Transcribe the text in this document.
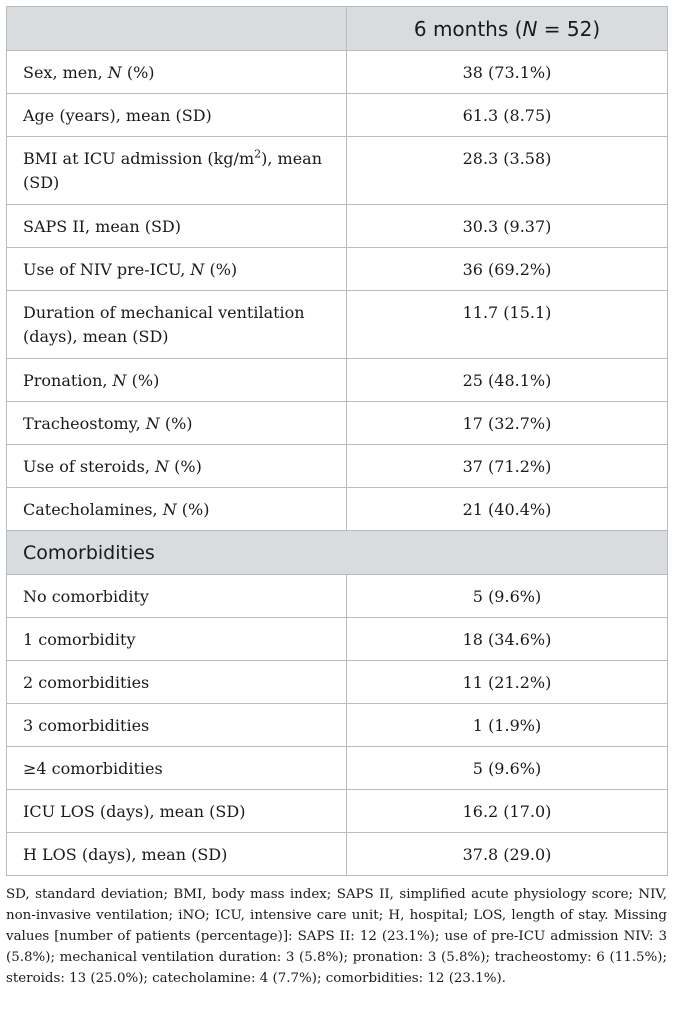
	6 months (N = 52)
Sex, men, N (%)	38 (73.1%)
Age (years), mean (SD)	61.3 (8.75)
BMI at ICU admission $(kg/m^2)$, mean (SD)	28.3 (3.58)
SAPS II, mean (SD)	30.3 (9.37)
Use of NIV pre-ICU, N (%)	36 (69.2%)
Duration of mechanical ventilation (days), mean (SD)	11.7 (15.1)
Pronation, N (%)	25 (48.1%)
Tracheostomy, N (%)	17 (32.7%)
Use of steroids, N (%)	37 (71.2%)
Catecholamines, N (%)	21 (40.4%)
Comorbidities	
No comorbidity	5 (9.6%)
1 comorbidity	18 (34.6%)
2 comorbidities	11 (21.2%)
3 comorbidities	1 (1.9%)
≥4 comorbidities	5 (9.6%)
ICU LOS (days), mean (SD)	16.2 (17.0)
H LOS (days), mean (SD)	37.8 (29.0)

SD, standard deviation; BMI, body mass index; SAPS II, simplified acute physiology score; NIV, non-invasive ventilation; iNO; ICU, intensive care unit; H, hospital; LOS, length of stay. Missing values [number of patients (percentage)]: SAPS II: 12 (23.1%); use of pre-ICU admission NIV: 3 (5.8%); mechanical ventilation duration: 3 (5.8%); pronation: 3 (5.8%); tracheostomy: 6 (11.5%); steroids: 13 (25.0%); catecholamine: 4 (7.7%); comorbidities: 12 (23.1%).
